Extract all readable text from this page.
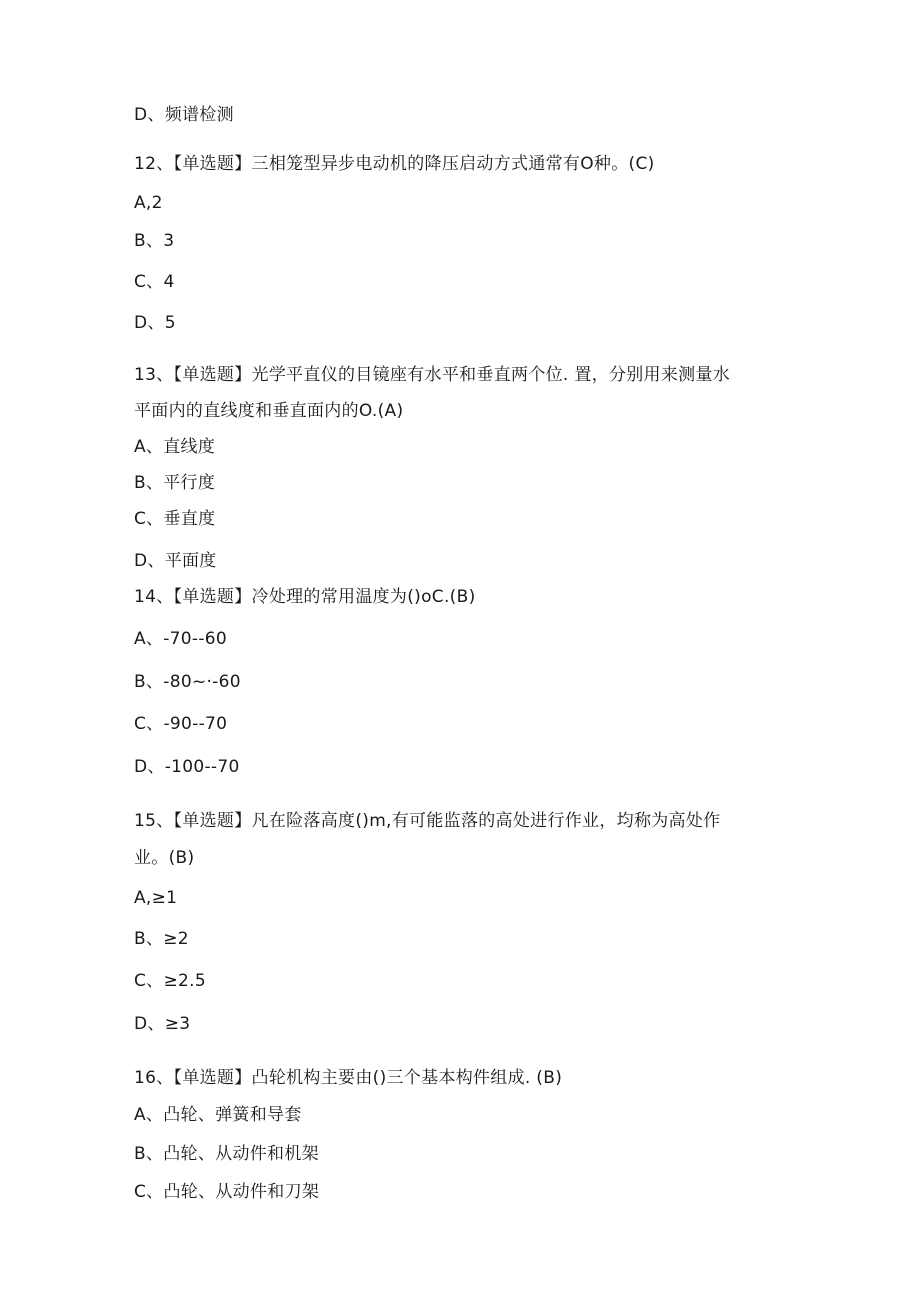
D、频谱检测
12、【单选题】三相笼型异步电动机的降压启动方式通常有O种。(C)
A,2
B、3
C、4
D、5
13、【单选题】光学平直仪的目镜座有水平和垂直两个位. 置，分别用来测量水
平面内的直线度和垂直面内的O.(A)
A、直线度
B、平行度
C、垂直度
D、平面度
14、【单选题】冷处理的常用温度为()oC.(B)
A、-70--60
B、-80~·-60
C、-90--70
D、-100--70
15、【单选题】凡在险落高度()m,有可能监落的高处进行作业，均称为高处作
业。(B)
A,≥1
B、≥2
C、≥2.5
D、≥3
16、【单选题】凸轮机构主要由()三个基本构件组成. (B)
A、凸轮、弹簧和导套
B、凸轮、从动件和机架
C、凸轮、从动件和刀架
